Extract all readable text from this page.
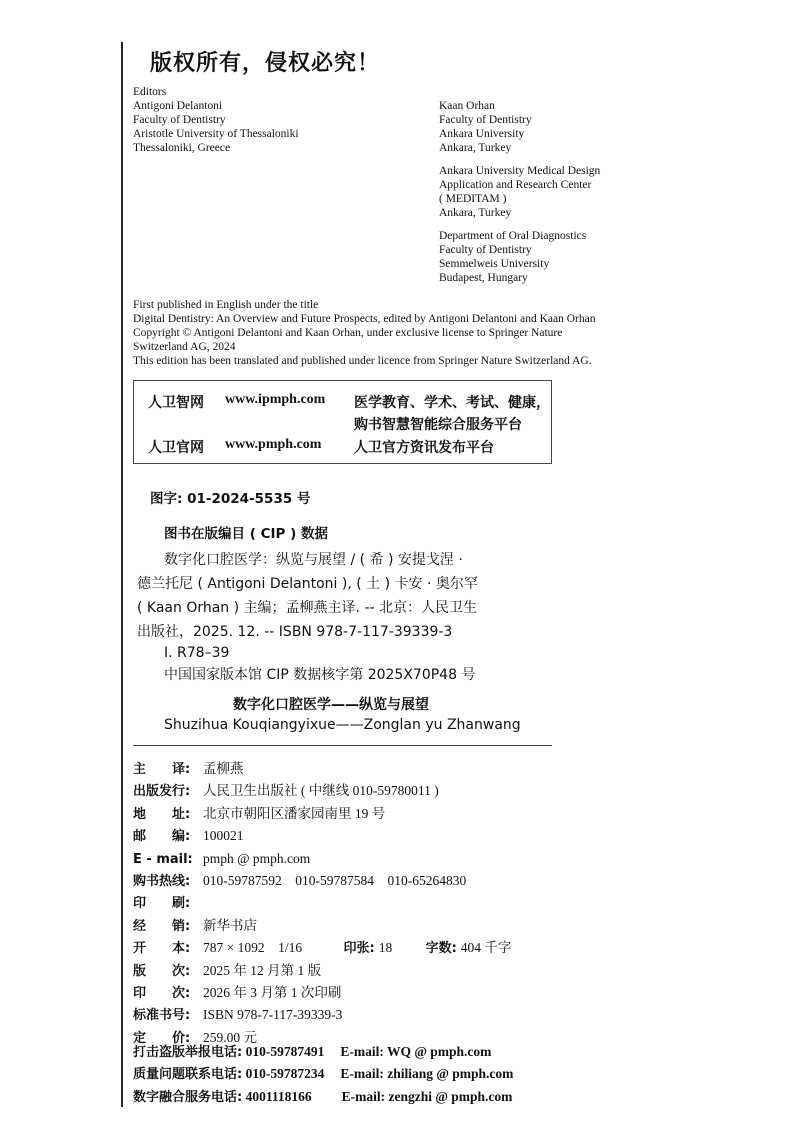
版权所有，侵权必究！
Editors
Antigoni Delantoni
Faculty of Dentistry
Aristotle University of Thessaloniki
Thessaloniki, Greece
Kaan Orhan
Faculty of Dentistry
Ankara University
Ankara, Turkey
Ankara University Medical Design
Application and Research Center
( MEDITAM )
Ankara, Turkey
Department of Oral Diagnostics
Faculty of Dentistry
Semmelweis University
Budapest, Hungary
First published in English under the title
Digital Dentistry: An Overview and Future Prospects, edited by Antigoni Delantoni and Kaan Orhan
Copyright © Antigoni Delantoni and Kaan Orhan, under exclusive license to Springer Nature
Switzerland AG, 2024
This edition has been translated and published under licence from Springer Nature Switzerland AG.
人卫智网 www.ipmph.com 医学教育、学术、考试、健康，
购书智慧智能综合服务平台
人卫官网 www.pmph.com 人卫官方资讯发布平台
图字: 01-2024-5535 号
图书在版编目 ( CIP ) 数据
数字化口腔医学：纵览与展望 / ( 希 ) 安提戈涅 ·
德兰托尼 ( Antigoni Delantoni ), ( 土 ) 卡安 · 奥尔罕
( Kaan Orhan ) 主编；孟柳燕主译. -- 北京：人民卫生
出版社，2025. 12. -- ISBN 978-7-117-39339-3
Ⅰ. R78–39
中国国家版本馆 CIP 数据核字第 2025X70P48 号
数字化口腔医学——纵览与展望
Shuzihua Kouqiangyixue——Zonglan yu Zhanwang
主　　译: 孟柳燕
出版发行: 人民卫生出版社 ( 中继线 010-59780011 )
地　　址: 北京市朝阳区潘家园南里 19 号
邮　　编: 100021
E - mail: pmph @ pmph.com
购书热线: 010-59787592　010-59787584　010-65264830
印　　刷:
经　　销: 新华书店
开　　本: 787 × 1092　1/16	印张: 18	字数: 404 千字
版　　次: 2025 年 12 月第 1 版
印　　次: 2026 年 3 月第 1 次印刷
标准书号: ISBN 978-7-117-39339-3
定　　价: 259.00 元
打击盗版举报电话: 010-59787491 E-mail: WQ @ pmph.com
质量问题联系电话: 010-59787234 E-mail: zhiliang @ pmph.com
数字融合服务电话: 4001118166 E-mail: zengzhi @ pmph.com
